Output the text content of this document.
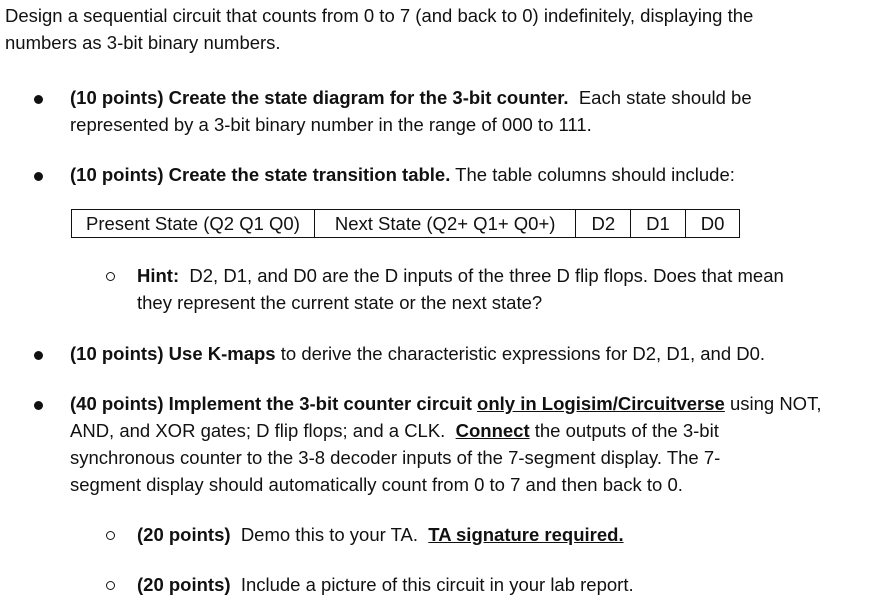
Design a sequential circuit that counts from 0 to 7 (and back to 0) indefinitely, displaying the
numbers as 3-bit binary numbers.
(10 points) Create the state diagram for the 3-bit counter. Each state should be
represented by a 3-bit binary number in the range of 000 to 111.
(10 points) Create the state transition table. The table columns should include:
Present State (Q2 Q1 Q0)	Next State (Q2+ Q1+ Q0+)	D2	D1	D0
Hint: D2, D1, and D0 are the D inputs of the three D flip flops. Does that mean
they represent the current state or the next state?
(10 points) Use K-maps to derive the characteristic expressions for D2, D1, and D0.
(40 points) Implement the 3-bit counter circuit only in Logisim/Circuitverse using NOT,
AND, and XOR gates; D flip flops; and a CLK. Connect the outputs of the 3-bit
synchronous counter to the 3-8 decoder inputs of the 7-segment display. The 7-
segment display should automatically count from 0 to 7 and then back to 0.
(20 points) Demo this to your TA. TA signature required.
(20 points) Include a picture of this circuit in your lab report.
